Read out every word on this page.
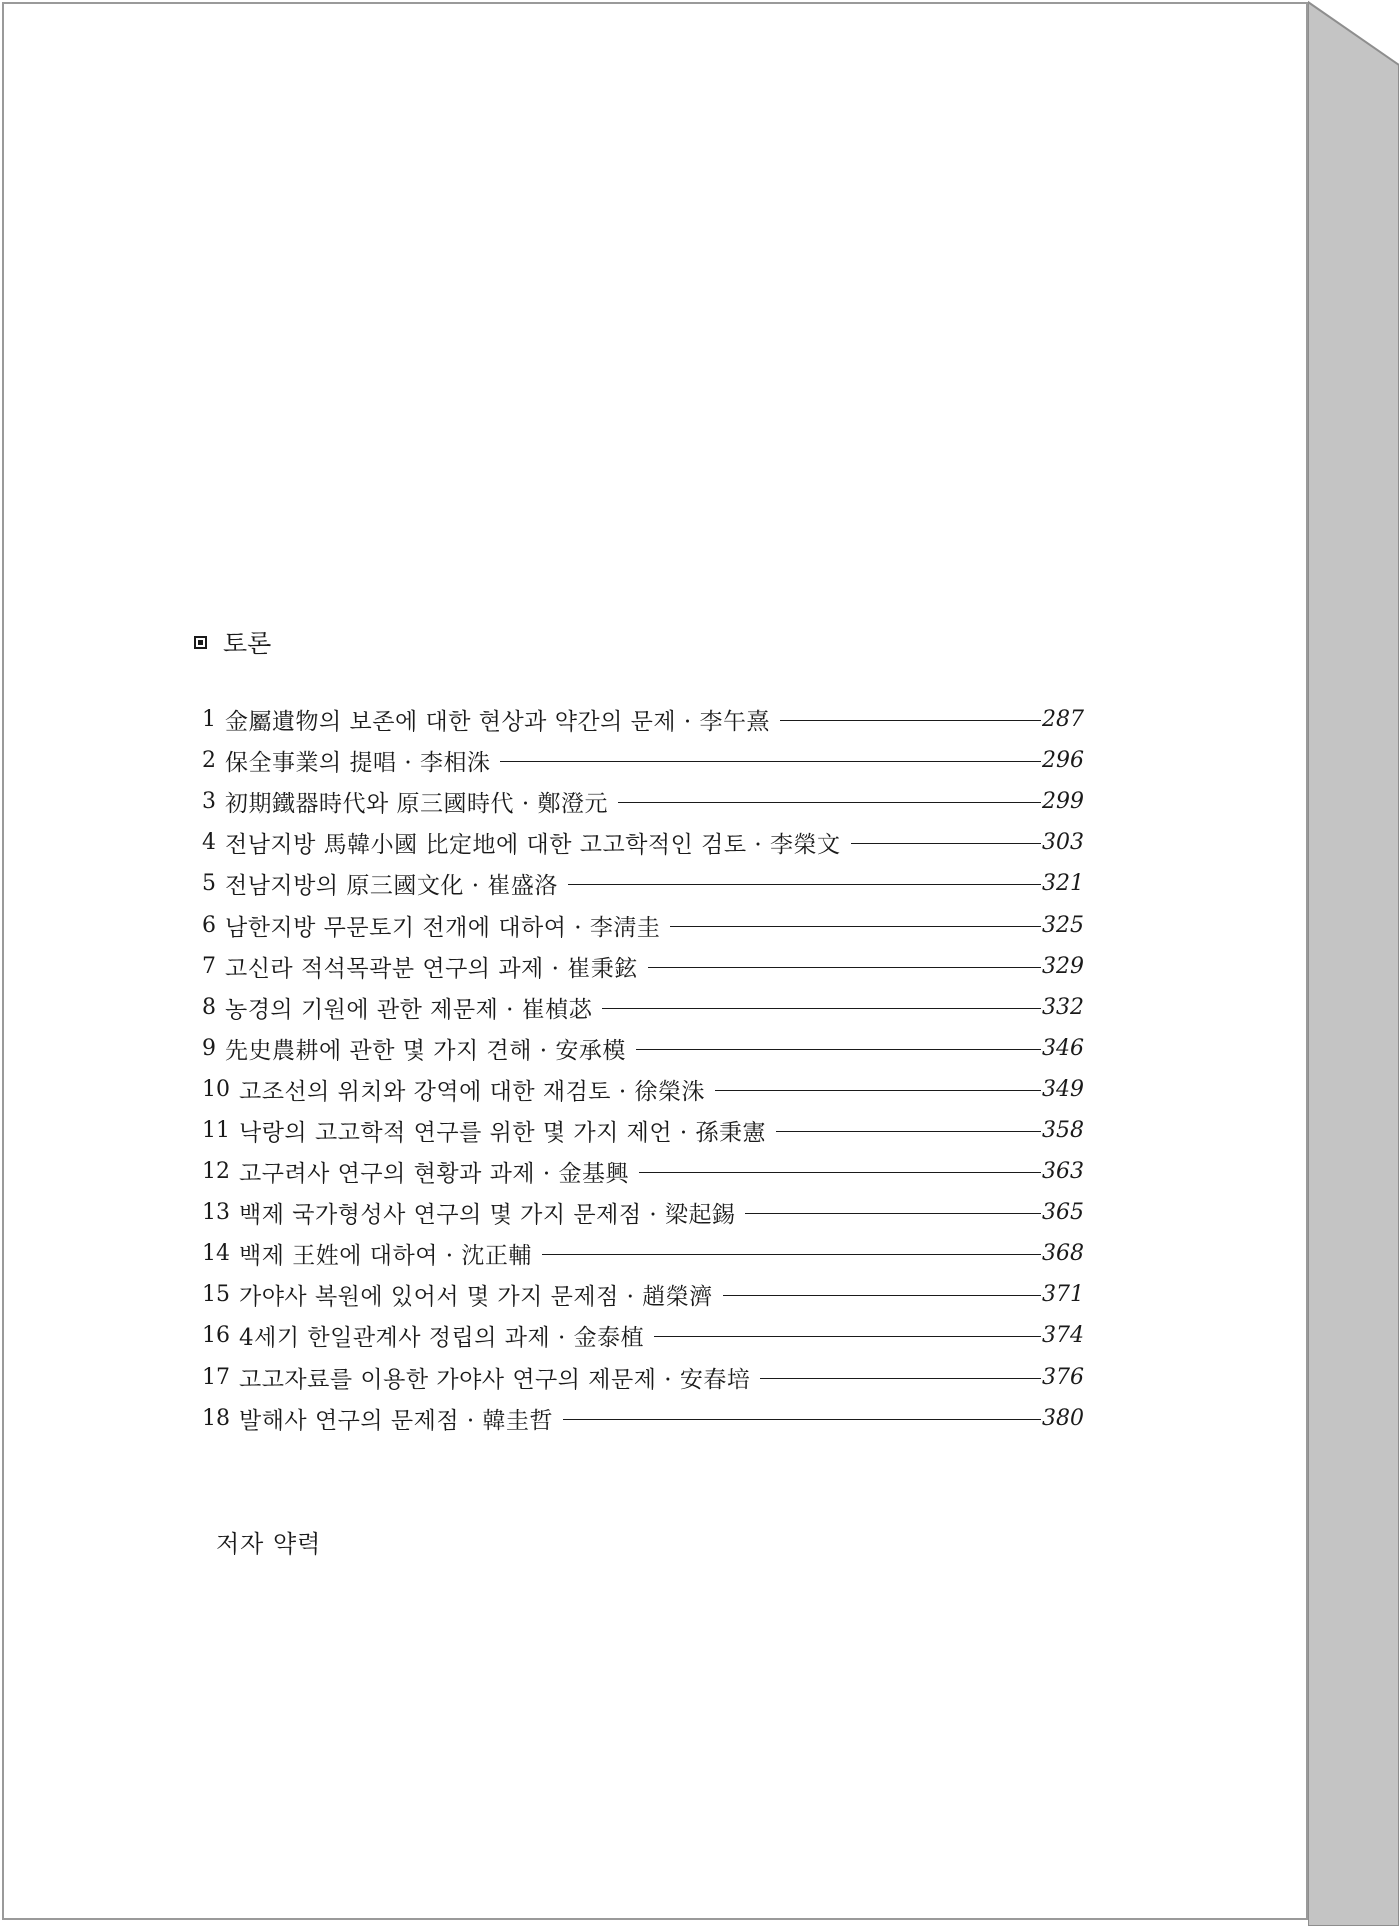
토론
1 金屬遺物의 보존에 대한 현상과 약간의 문제 · 李午熹	287
2 保全事業의 提唱 · 李相洙	296
3 初期鐵器時代와 原三國時代 · 鄭澄元	299
4 전남지방 馬韓小國 比定地에 대한 고고학적인 검토 · 李榮文	303
5 전남지방의 原三國文化 · 崔盛洛	321
6 남한지방 무문토기 전개에 대하여 · 李淸圭	325
7 고신라 적석목곽분 연구의 과제 · 崔秉鉉	329
8 농경의 기원에 관한 제문제 · 崔楨苾	332
9 先史農耕에 관한 몇 가지 견해 · 安承模	346
10 고조선의 위치와 강역에 대한 재검토 · 徐榮洙	349
11 낙랑의 고고학적 연구를 위한 몇 가지 제언 · 孫秉憲	358
12 고구려사 연구의 현황과 과제 · 金基興	363
13 백제 국가형성사 연구의 몇 가지 문제점 · 梁起錫	365
14 백제 王姓에 대하여 · 沈正輔	368
15 가야사 복원에 있어서 몇 가지 문제점 · 趙榮濟	371
16 4세기 한일관계사 정립의 과제 · 金泰植	374
17 고고자료를 이용한 가야사 연구의 제문제 · 安春培	376
18 발해사 연구의 문제점 · 韓圭哲	380
저자 약력
